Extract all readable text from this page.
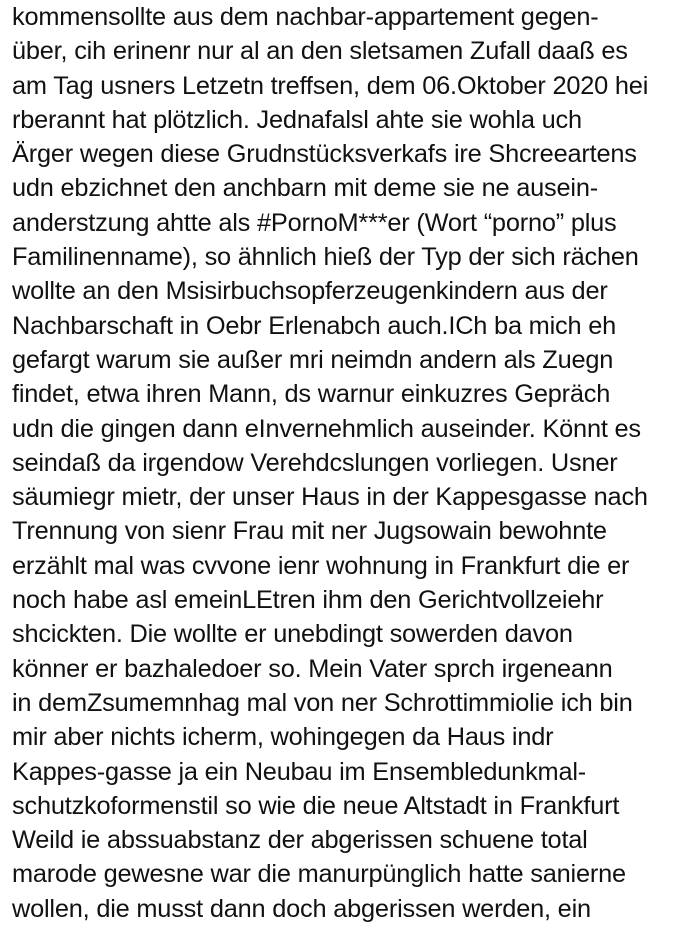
kommensollte aus dem nachbar-appartement gegen-
über, cih erinenr nur al an den sletsamen Zufall daaß es
am Tag usners Letzetn treffsen, dem 06.Oktober 2020 hei
rberannt hat plötzlich. Jednafalsl ahte sie wohla uch
Ärger wegen diese Grudnstücksverkafs ire Shcreeartens
udn ebzichnet den anchbarn mit deme sie ne ausein-
anderstzung ahtte als #PornoM***er (Wort “porno” plus
Familinenname), so ähnlich hieß der Typ der sich rächen
wollte an den Msisirbuchsopferzeugenkindern aus der
Nachbarschaft in Oebr Erlenabch auch.ICh ba mich eh
gefargt warum sie außer mri neimdn andern als Zuegn
findet, etwa ihren Mann, ds warnur einkuzres Gepräch
udn die gingen dann eInvernehmlich auseinder. Könnt es
seindaß da irgendow Verehdcslungen vorliegen. Usner
säumiegr mietr, der unser Haus in der Kappesgasse nach
Trennung von sienr Frau mit ner Jugsowain bewohnte
erzählt mal was cvvone ienr wohnung in Frankfurt die er
noch habe asl emeinLEtren ihm den Gerichtvollzeiehr
shcickten. Die wollte er unebdingt sowerden davon
könner er bazhaledoer so. Mein Vater sprch irgeneann
in demZsumemnhag mal von ner Schrottimmiolie ich bin
mir aber nichts icherm, wohingegen da Haus indr
Kappes-gasse ja ein Neubau im Ensembledunkmal-
schutzkoformenstil so wie die neue Altstadt in Frankfurt
Weild ie abssuabstanz der abgerissen schuene total
marode gewesne war die manurpünglich hatte sanierne
wollen, die musst dann doch abgerissen werden, ein
